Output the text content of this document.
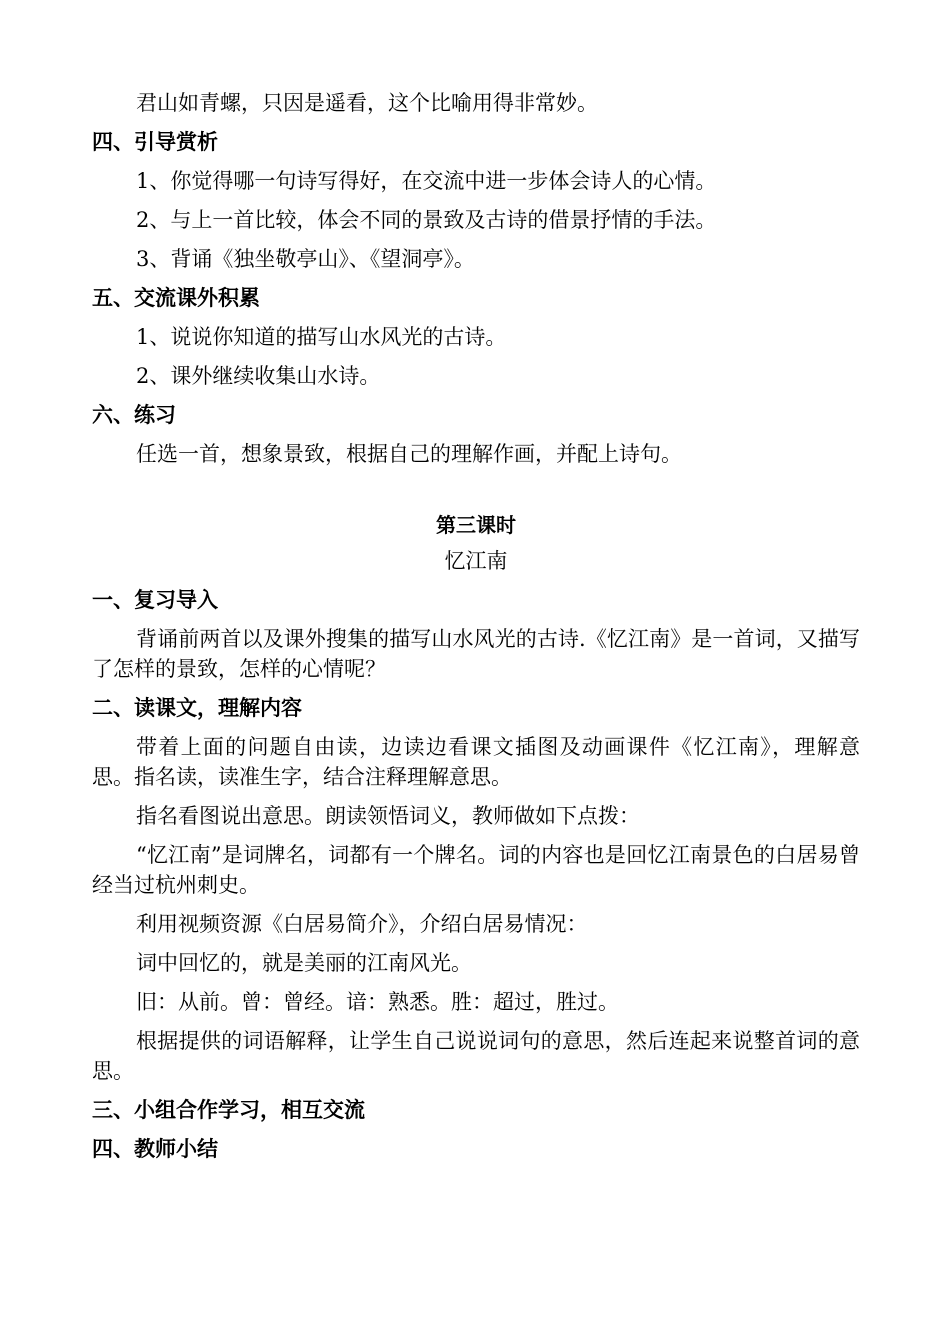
君山如青螺，只因是遥看，这个比喻用得非常妙。

四、引导赏析

1、你觉得哪一句诗写得好，在交流中进一步体会诗人的心情。

2、与上一首比较，体会不同的景致及古诗的借景抒情的手法。

3、背诵《独坐敬亭山》、《望洞亭》。

五、交流课外积累

1、说说你知道的描写山水风光的古诗。

2、课外继续收集山水诗。

六、练习

任选一首，想象景致，根据自己的理解作画，并配上诗句。

第三课时
忆江南
一、复习导入

背诵前两首以及课外搜集的描写山水风光的古诗.《忆江南》是一首词，又描写了怎样的景致，怎样的心情呢？

二、读课文，理解内容

带着上面的问题自由读，边读边看课文插图及动画课件《忆江南》，理解意思。指名读，读准生字，结合注释理解意思。

指名看图说出意思。朗读领悟词义，教师做如下点拨：

“忆江南”是词牌名，词都有一个牌名。词的内容也是回忆江南景色的白居易曾经当过杭州刺史。

利用视频资源《白居易简介》，介绍白居易情况：

词中回忆的，就是美丽的江南风光。

旧：从前。曾：曾经。谙：熟悉。胜：超过，胜过。

根据提供的词语解释，让学生自己说说词句的意思，然后连起来说整首词的意思。

三、小组合作学习，相互交流
四、教师小结
